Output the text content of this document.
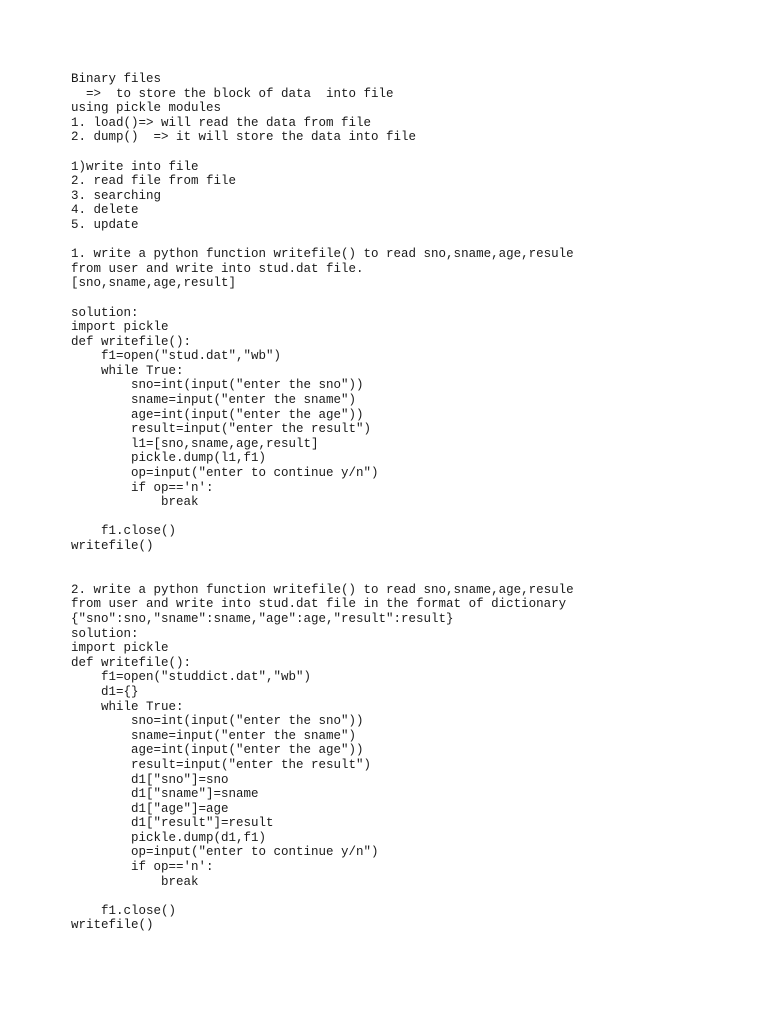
Binary files
=>  to store the block of data  into file
using pickle modules
1. load()=> will read the data from file
2. dump()  => it will store the data into file
1)write into file
2. read file from file
3. searching
4. delete
5. update
1. write a python function writefile() to read sno,sname,age,resule
from user and write into stud.dat file.
[sno,sname,age,result]
solution:
import pickle
def writefile():
f1=open("stud.dat","wb")
while True:
sno=int(input("enter the sno"))
sname=input("enter the sname")
age=int(input("enter the age"))
result=input("enter the result")
l1=[sno,sname,age,result]
pickle.dump(l1,f1)
op=input("enter to continue y/n")
if op=='n':
break
f1.close()
writefile()
2. write a python function writefile() to read sno,sname,age,resule
from user and write into stud.dat file in the format of dictionary
{"sno":sno,"sname":sname,"age":age,"result":result}
solution:
import pickle
def writefile():
f1=open("studdict.dat","wb")
d1={}
while True:
sno=int(input("enter the sno"))
sname=input("enter the sname")
age=int(input("enter the age"))
result=input("enter the result")
d1["sno"]=sno
d1["sname"]=sname
d1["age"]=age
d1["result"]=result
pickle.dump(d1,f1)
op=input("enter to continue y/n")
if op=='n':
break
f1.close()
writefile()
